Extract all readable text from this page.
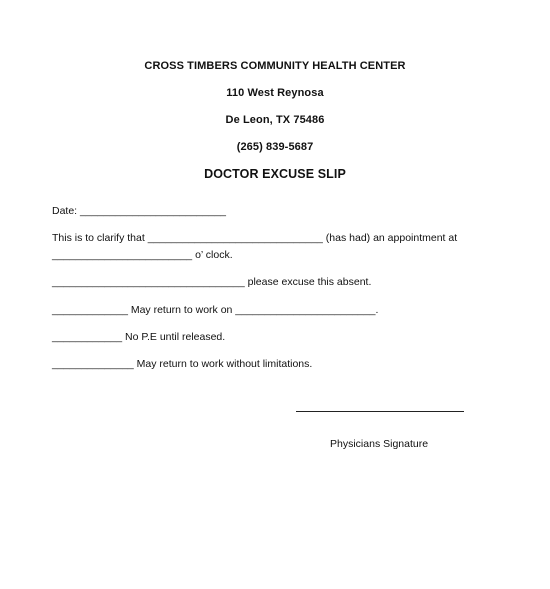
CROSS TIMBERS COMMUNITY HEALTH CENTER
110 West Reynosa
De Leon, TX 75486
(265) 839-5687
DOCTOR EXCUSE SLIP
Date: _________________________
This is to clarify that ______________________________ (has had) an appointment at
________________________ o’ clock.
_________________________________ please excuse this absent.
_____________ May return to work on ________________________.
____________ No P.E until released.
______________ May return to work without limitations.
Physicians Signature
